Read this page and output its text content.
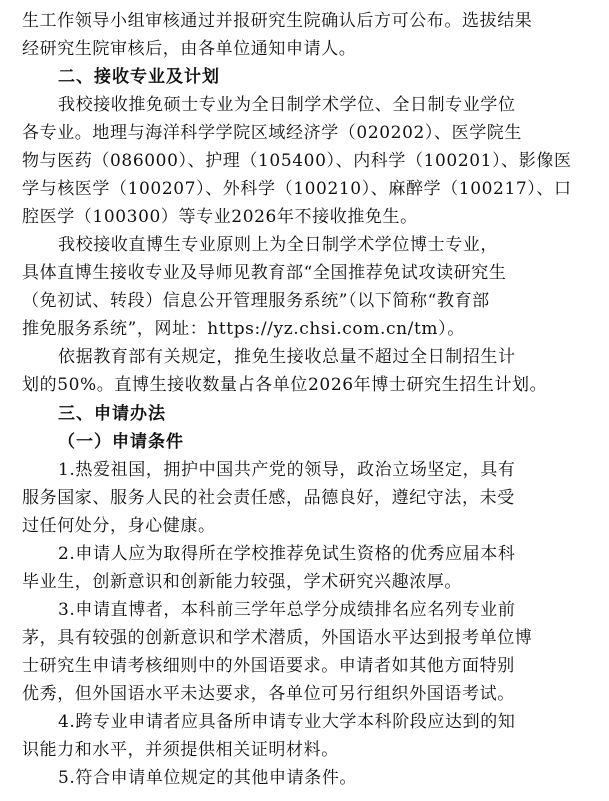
生工作领导小组审核通过并报研究生院确认后方可公布。选拔结果
经研究生院审核后，由各单位通知申请人。
二、接收专业及计划
我校接收推免硕士专业为全日制学术学位、全日制专业学位
各专业。地理与海洋科学学院区域经济学（020202）、医学院生
物与医药（086000）、护理（105400）、内科学（100201）、影像医
学与核医学（100207）、外科学（100210）、麻醉学（100217）、口
腔医学（100300）等专业2026年不接收推免生。
我校接收直博生专业原则上为全日制学术学位博士专业，
具体直博生接收专业及导师见教育部“全国推荐免试攻读研究生
（免初试、转段）信息公开管理服务系统”（以下简称“教育部
推免服务系统”，网址：https://yz.chsi.com.cn/tm）。
依据教育部有关规定，推免生接收总量不超过全日制招生计
划的50%。直博生接收数量占各单位2026年博士研究生招生计划。
三、申请办法
（一）申请条件
1.热爱祖国，拥护中国共产党的领导，政治立场坚定，具有
服务国家、服务人民的社会责任感，品德良好，遵纪守法，未受
过任何处分，身心健康。
2.申请人应为取得所在学校推荐免试生资格的优秀应届本科
毕业生，创新意识和创新能力较强，学术研究兴趣浓厚。
3.申请直博者，本科前三学年总学分成绩排名应名列专业前
茅，具有较强的创新意识和学术潜质，外国语水平达到报考单位博
士研究生申请考核细则中的外国语要求。申请者如其他方面特别
优秀，但外国语水平未达要求，各单位可另行组织外国语考试。
4.跨专业申请者应具备所申请专业大学本科阶段应达到的知
识能力和水平，并须提供相关证明材料。
5.符合申请单位规定的其他申请条件。
